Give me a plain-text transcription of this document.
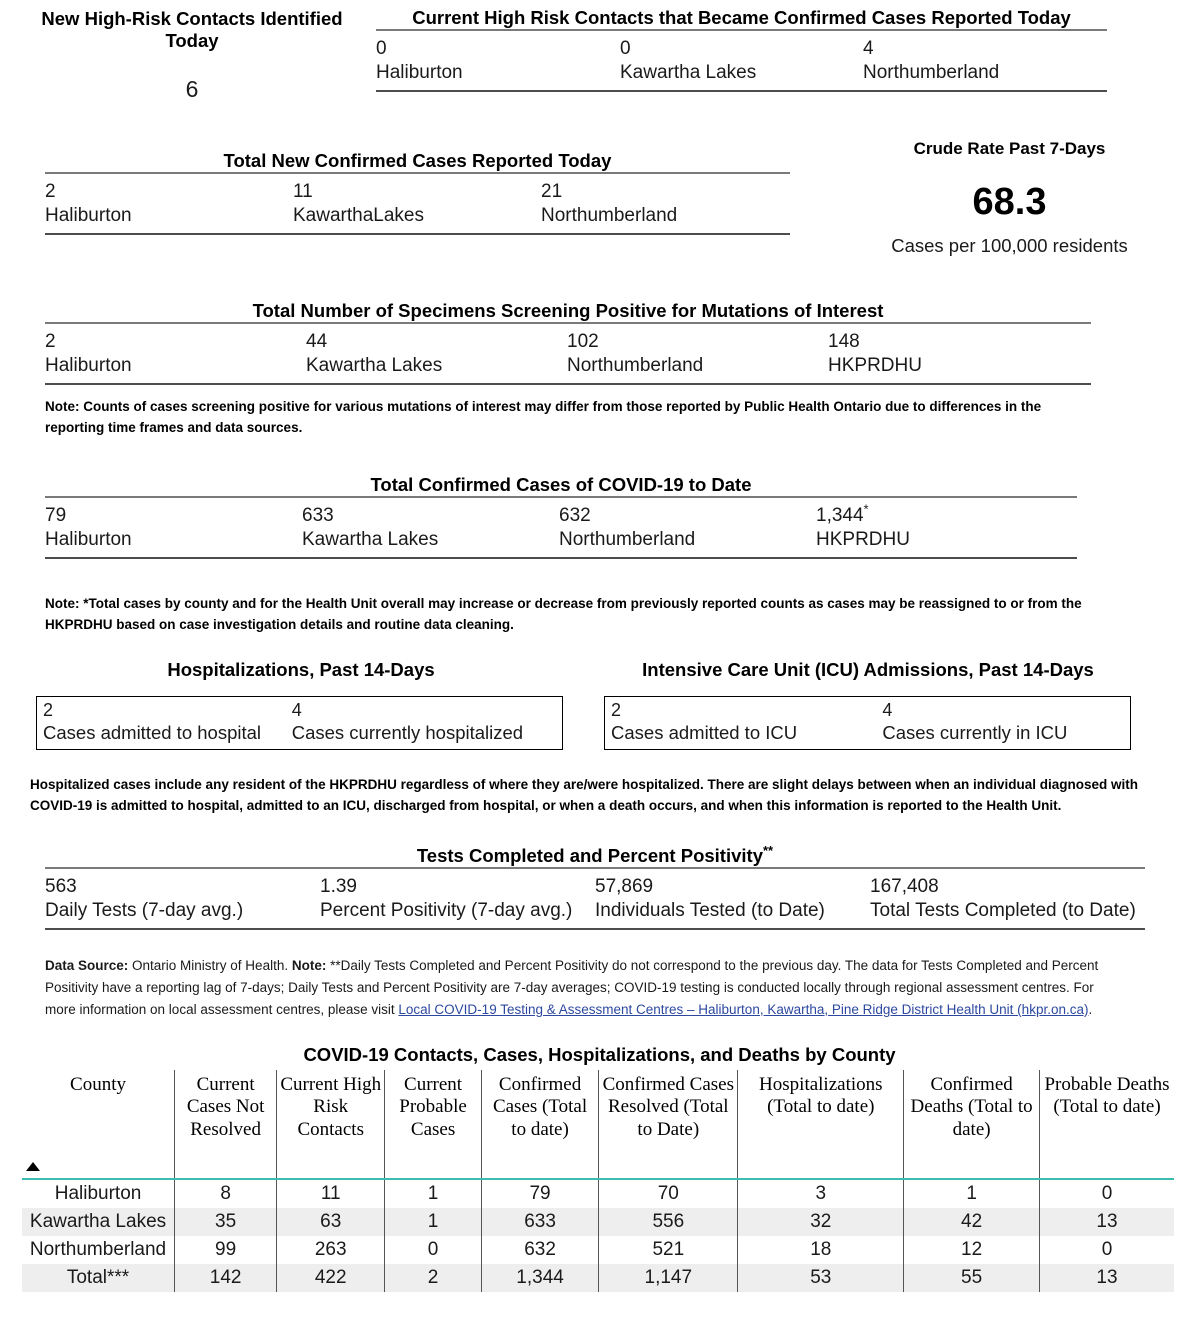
New High-Risk Contacts Identified Today
6
Current High Risk Contacts that Became Confirmed Cases Reported Today
0
Haliburton
0
Kawartha Lakes
4
Northumberland
Total New Confirmed Cases Reported Today
2
Haliburton
11
KawarthaLakes
21
Northumberland
Crude Rate Past 7-Days
68.3
Cases per 100,000 residents
Total Number of Specimens Screening Positive for Mutations of Interest
2
Haliburton
44
Kawartha Lakes
102
Northumberland
148
HKPRDHU
Note: Counts of cases screening positive for various mutations of interest may differ from those reported by Public Health Ontario due to differences in the reporting time frames and data sources.
Total Confirmed Cases of COVID-19 to Date
79
Haliburton
633
Kawartha Lakes
632
Northumberland
1,344*
HKPRDHU
Note: *Total cases by county and for the Health Unit overall may increase or decrease from previously reported counts as cases may be reassigned to or from the HKPRDHU based on case investigation details and routine data cleaning.
Hospitalizations, Past 14-Days
2
Cases admitted to hospital
4
Cases currently hospitalized
Intensive Care Unit (ICU) Admissions, Past 14-Days
2
Cases admitted to ICU
4
Cases currently in ICU
Hospitalized cases include any resident of the HKPRDHU regardless of where they are/were hospitalized. There are slight delays between when an individual diagnosed with COVID-19 is admitted to hospital, admitted to an ICU, discharged from hospital, or when a death occurs, and when this information is reported to the Health Unit.
Tests Completed and Percent Positivity**
563
Daily Tests (7-day avg.)
1.39
Percent Positivity (7-day avg.)
57,869
Individuals Tested (to Date)
167,408
Total Tests Completed (to Date)
Data Source: Ontario Ministry of Health. Note: **Daily Tests Completed and Percent Positivity do not correspond to the previous day. The data for Tests Completed and Percent Positivity have a reporting lag of 7-days; Daily Tests and Percent Positivity are 7-day averages; COVID-19 testing is conducted locally through regional assessment centres. For more information on local assessment centres, please visit Local COVID-19 Testing & Assessment Centres – Haliburton, Kawartha, Pine Ridge District Health Unit (hkpr.on.ca).
COVID-19 Contacts, Cases, Hospitalizations, and Deaths by County
County	Current Cases Not Resolved	Current High Risk Contacts	Current Probable Cases	Confirmed Cases (Total to date)	Confirmed Cases Resolved (Total to Date)	Hospitalizations (Total to date)	Confirmed Deaths (Total to date)	Probable Deaths (Total to date)
Haliburton	8	11	1	79	70	3	1	0
Kawartha Lakes	35	63	1	633	556	32	42	13
Northumberland	99	263	0	632	521	18	12	0
Total***	142	422	2	1,344	1,147	53	55	13
